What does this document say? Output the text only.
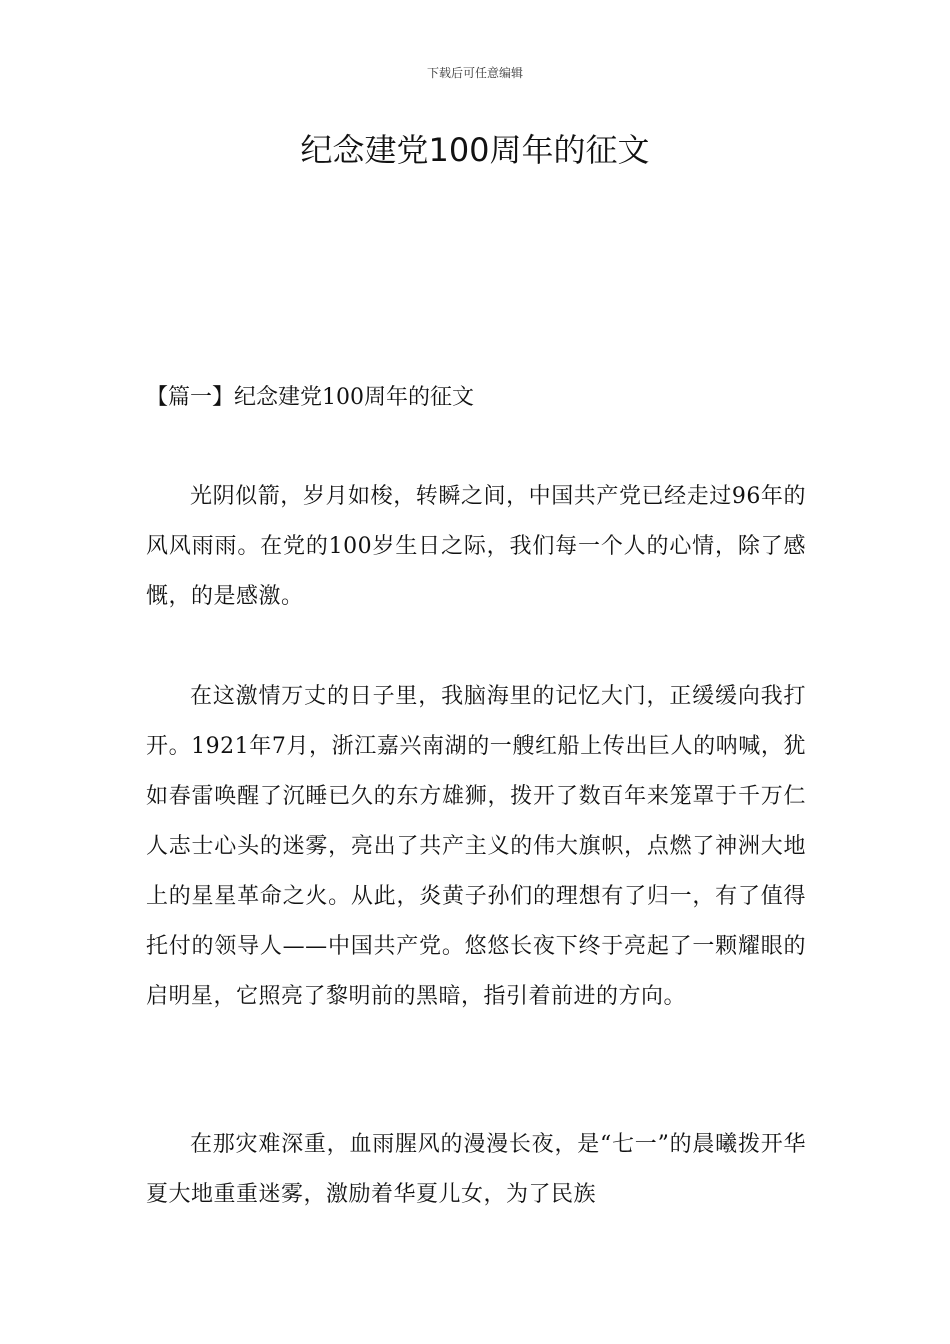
下载后可任意编辑
纪念建党100周年的征文
【篇一】纪念建党100周年的征文

光阴似箭，岁月如梭，转瞬之间，中国共产党已经走过96年的风风雨雨。在党的100岁生日之际，我们每一个人的心情，除了感慨，的是感激。

在这激情万丈的日子里，我脑海里的记忆大门，正缓缓向我打开。1921年7月，浙江嘉兴南湖的一艘红船上传出巨人的呐喊，犹如春雷唤醒了沉睡已久的东方雄狮，拨开了数百年来笼罩于千万仁人志士心头的迷雾，亮出了共产主义的伟大旗帜，点燃了神洲大地上的星星革命之火。从此，炎黄子孙们的理想有了归一，有了值得托付的领导人——中国共产党。悠悠长夜下终于亮起了一颗耀眼的启明星，它照亮了黎明前的黑暗，指引着前进的方向。

在那灾难深重，血雨腥风的漫漫长夜，是“七一”的晨曦拨开华夏大地重重迷雾，激励着华夏儿女，为了民族
